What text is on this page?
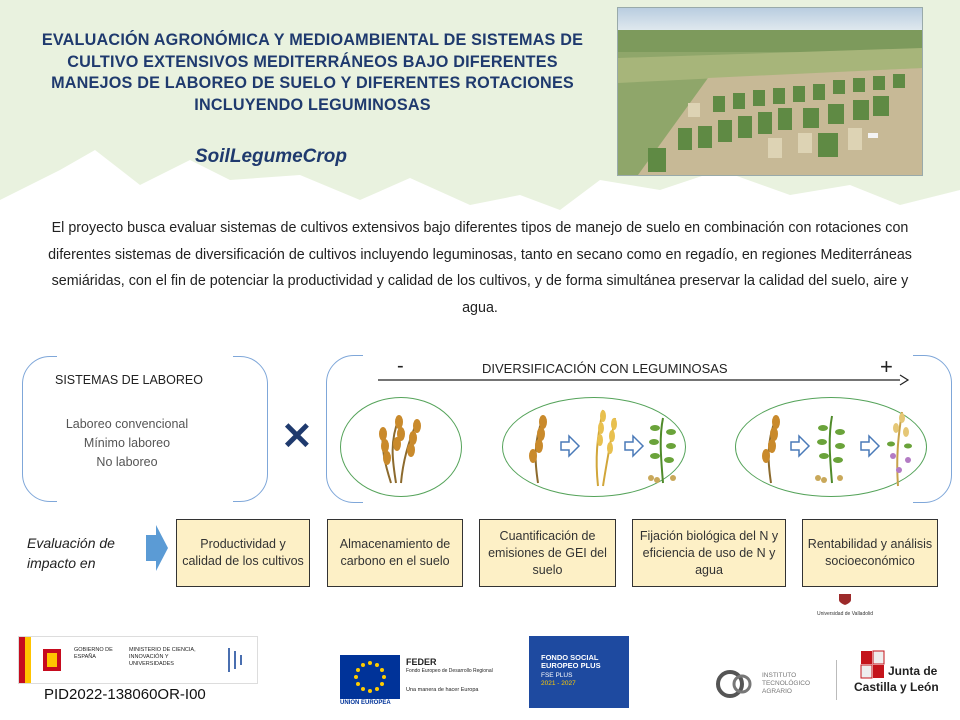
EVALUACIÓN AGRONÓMICA Y MEDIOAMBIENTAL DE SISTEMAS DE CULTIVO EXTENSIVOS MEDITERRÁNEOS BAJO DIFERENTES MANEJOS DE LABOREO DE SUELO Y DIFERENTES ROTACIONES INCLUYENDO LEGUMINOSAS
SoilLegumeCrop
El proyecto busca evaluar sistemas de cultivos extensivos bajo diferentes tipos de manejo de suelo en combinación con rotaciones con diferentes sistemas de diversificación de cultivos incluyendo leguminosas, tanto en secano como en regadío, en regiones Mediterráneas semiáridas, con el fin de potenciar la productividad y calidad de los cultivos, y de forma simultánea preservar la calidad del suelo, aire y agua.
SISTEMAS DE LABOREO
Laboreo convencional
Mínimo laboreo
No laboreo
✕
-	+
DIVERSIFICACIÓN CON LEGUMINOSAS
Evaluación de impacto en
Productividad y calidad de los cultivos
Almacenamiento de carbono en el suelo
Cuantificación de emisiones de GEI del suelo
Fijación biológica del N y eficiencia de uso de N y agua
Rentabilidad y análisis socioeconómico
Universidad de Valladolid
GOBIERNO DE ESPAÑA
MINISTERIO DE CIENCIA, INNOVACIÓN Y UNIVERSIDADES
PID2022-138060OR-I00	UNIÓN EUROPEA
FEDER
Fondo Europeo de Desarrollo Regional
Una manera de hacer Europa
FONDO SOCIAL
EUROPEO PLUS
FSE PLUS
2021 - 2027
INSTITUTO
TECNOLÓGICO
AGRARIO
Junta de
Castilla y León
